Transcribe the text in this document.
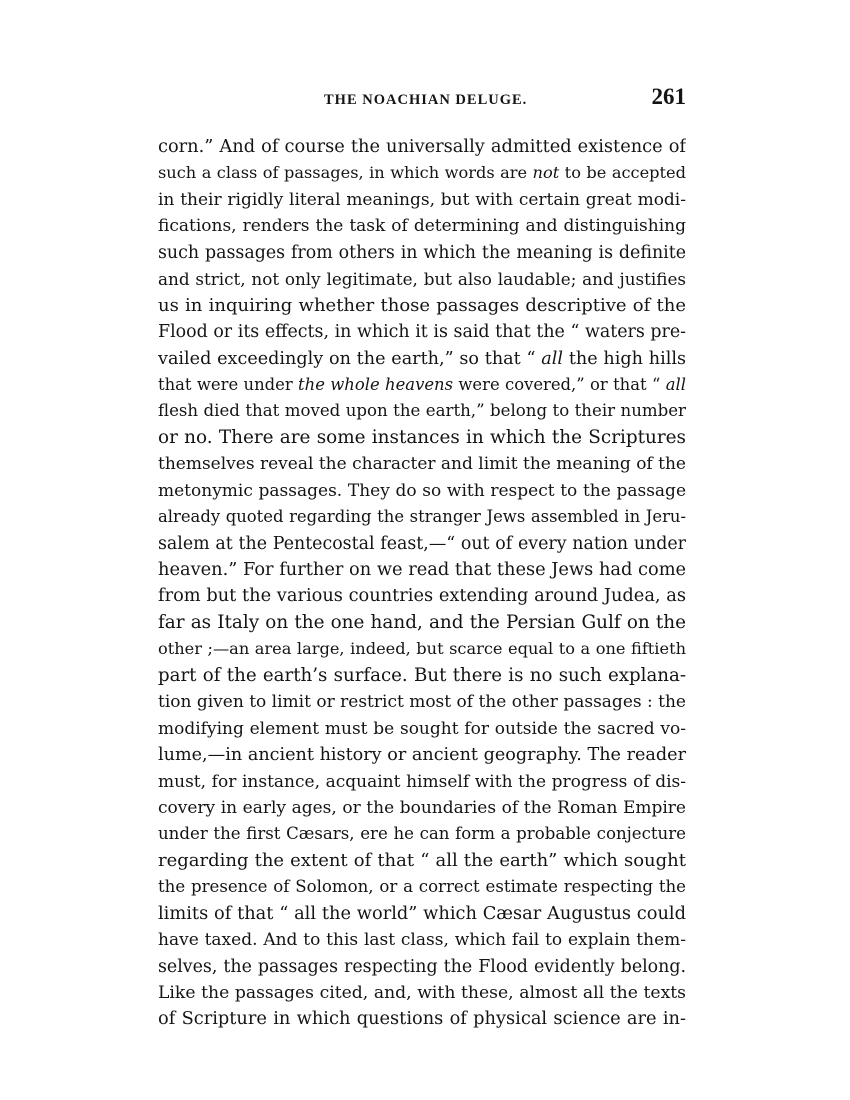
THE NOACHIAN DELUGE.	261
corn.” And of course the universally admitted existence of
such a class of passages, in which words are not to be accepted
in their rigidly literal meanings, but with certain great modi-
fications, renders the task of determining and distinguishing
such passages from others in which the meaning is definite
and strict, not only legitimate, but also laudable; and justifies
us in inquiring whether those passages descriptive of the
Flood or its effects, in which it is said that the “ waters pre-
vailed exceedingly on the earth,” so that “ all the high hills
that were under the whole heavens were covered,” or that “ all
flesh died that moved upon the earth,” belong to their number
or no. There are some instances in which the Scriptures
themselves reveal the character and limit the meaning of the
metonymic passages. They do so with respect to the passage
already quoted regarding the stranger Jews assembled in Jeru-
salem at the Pentecostal feast,—“ out of every nation under
heaven.” For further on we read that these Jews had come
from but the various countries extending around Judea, as
far as Italy on the one hand, and the Persian Gulf on the
other ;—an area large, indeed, but scarce equal to a one fiftieth
part of the earth’s surface. But there is no such explana-
tion given to limit or restrict most of the other passages : the
modifying element must be sought for outside the sacred vo-
lume,—in ancient history or ancient geography. The reader
must, for instance, acquaint himself with the progress of dis-
covery in early ages, or the boundaries of the Roman Empire
under the first Cæsars, ere he can form a probable conjecture
regarding the extent of that “ all the earth” which sought
the presence of Solomon, or a correct estimate respecting the
limits of that “ all the world” which Cæsar Augustus could
have taxed. And to this last class, which fail to explain them-
selves, the passages respecting the Flood evidently belong.
Like the passages cited, and, with these, almost all the texts
of Scripture in which questions of physical science are in-
